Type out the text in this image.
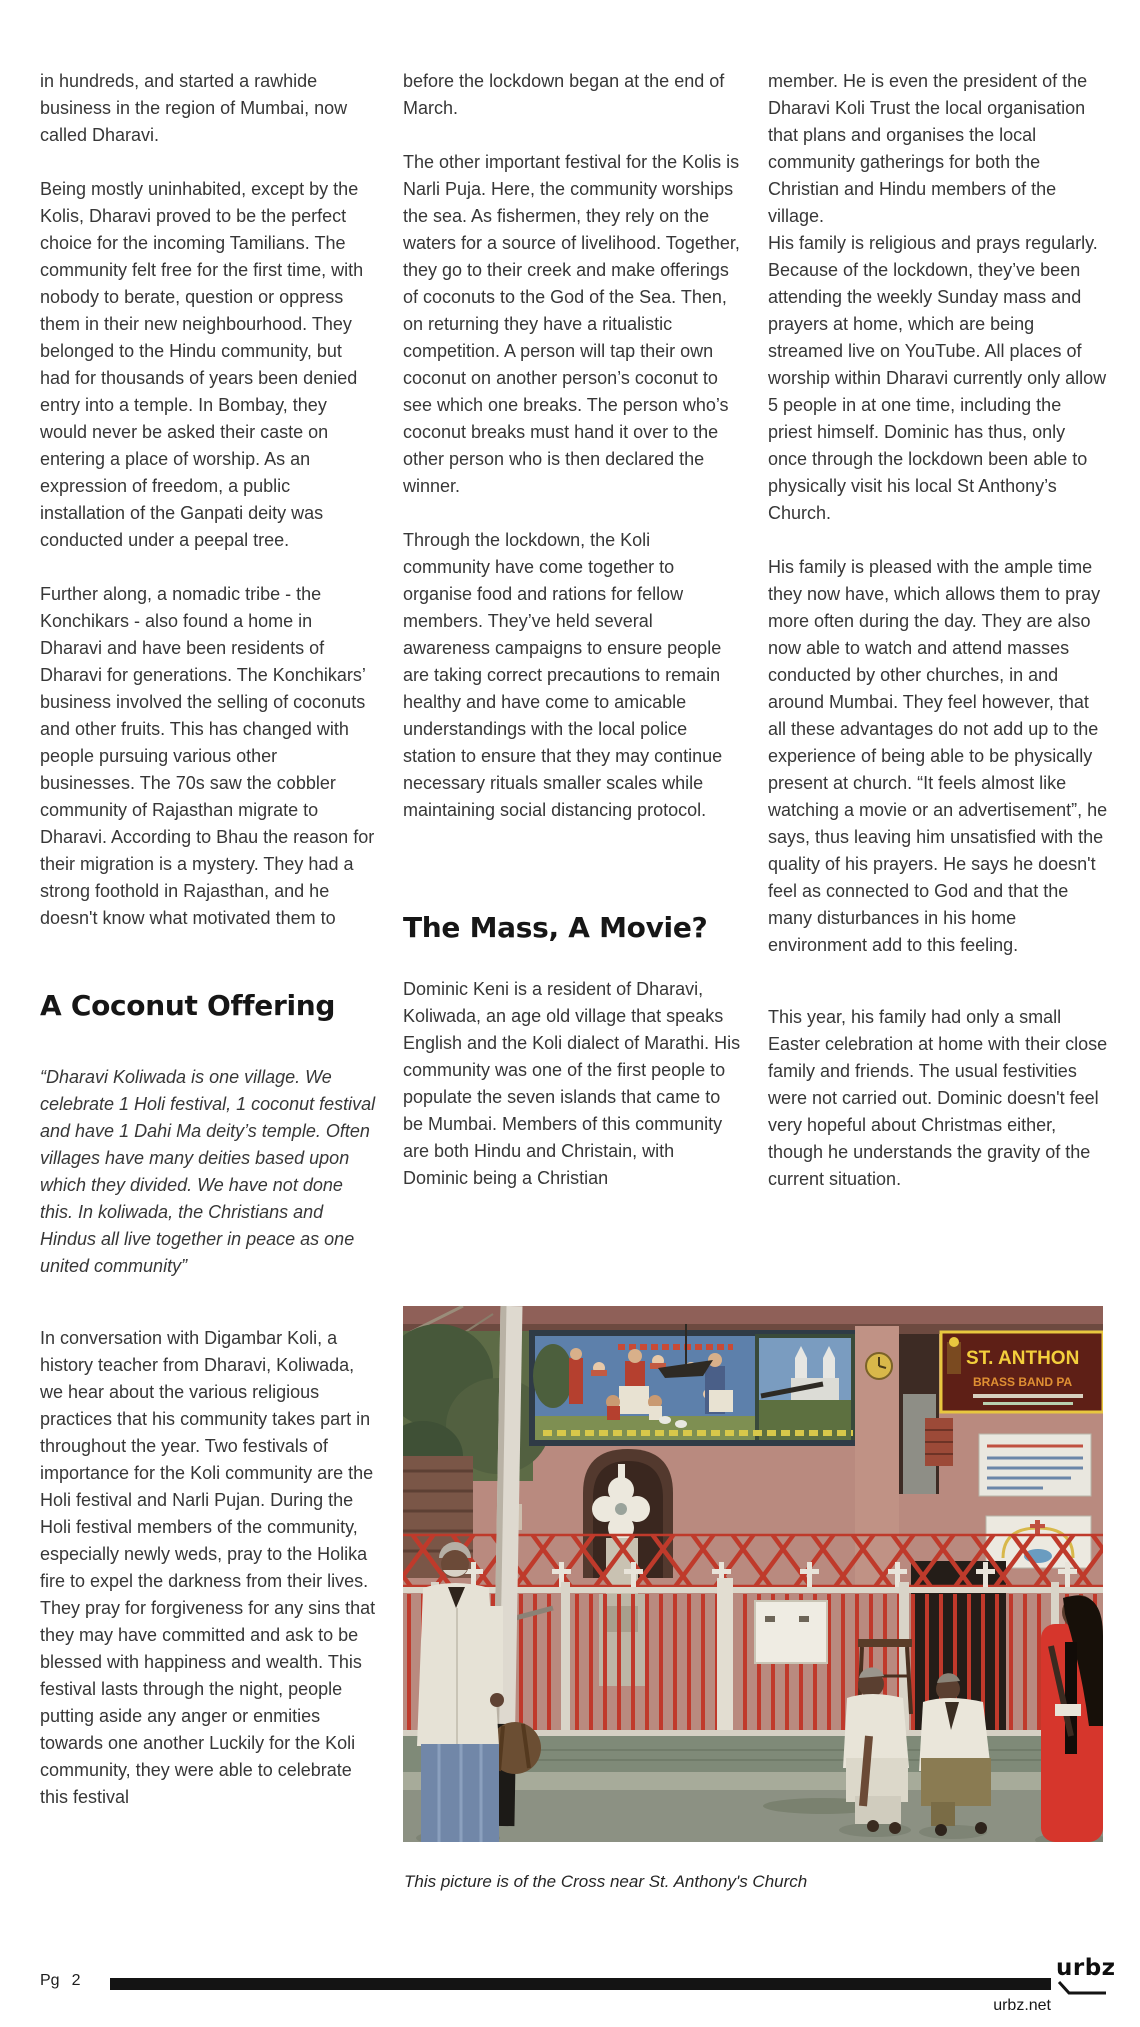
in hundreds, and started a rawhide business in the region of Mumbai, now called Dharavi.

Being mostly uninhabited, except by the Kolis, Dharavi proved to be the perfect choice for the incoming Tamilians. The community felt free for the first time, with nobody to berate, question or oppress them in their new neighbourhood. They belonged to the Hindu community, but had for thousands of years been denied entry into a temple. In Bombay, they would never be asked their caste on entering a place of worship. As an expression of freedom, a public installation of the Ganpati deity was conducted under a peepal tree.

Further along, a nomadic tribe - the Konchikars - also found a home in Dharavi and have been residents of Dharavi for generations. The Konchikars’ business involved the selling of coconuts and other fruits. This has changed with people pursuing various other businesses. The 70s saw the cobbler community of Rajasthan migrate to Dharavi. According to Bhau the reason for their migration is a mystery. They had a strong foothold in Rajasthan, and he doesn't know what motivated them to

A Coconut Offering

“Dharavi Koliwada is one village. We celebrate 1 Holi festival, 1 coconut festival and have 1 Dahi Ma deity’s temple. Often villages have many deities based upon which they divided. We have not done this. In koliwada, the Christians and Hindus all live together in peace as one united community”

In conversation with Digambar Koli, a history teacher from Dharavi, Koliwada, we hear about the various religious practices that his community takes part in throughout the year. Two festivals of importance for the Koli community are the Holi festival and Narli Pujan. During the Holi festival members of the community, especially newly weds, pray to the Holika fire to expel the darkness from their lives. They pray for forgiveness for any sins that they may have committed and ask to be blessed with happiness and wealth. This festival lasts through the night, people putting aside any anger or enmities towards one another Luckily for the Koli community, they were able to celebrate this festival

before the lockdown began at the end of March.

The other important festival for the Kolis is Narli Puja. Here, the community worships the sea. As fishermen, they rely on the waters for a source of livelihood. Together, they go to their creek and make offerings of coconuts to the God of the Sea. Then, on returning they have a ritualistic competition. A person will tap their own coconut on another person’s coconut to see which one breaks. The person who’s coconut breaks must hand it over to the other person who is then declared the winner.

Through the lockdown, the Koli community have come together to organise food and rations for fellow members. They’ve held several awareness campaigns to ensure people are taking correct precautions to remain healthy and have come to amicable understandings with the local police station to ensure that they may continue necessary rituals smaller scales while maintaining social distancing protocol.

The Mass, A Movie?

Dominic Keni is a resident of Dharavi, Koliwada, an age old village that speaks English and the Koli dialect of Marathi. His community was one of the first people to populate the seven islands that came to be Mumbai. Members of this community are both Hindu and Christain, with Dominic being a Christian

member. He is even the president of the Dharavi Koli Trust the local organisation that plans and organises the local community gatherings for both the Christian and Hindu members of the village.

His family is religious and prays regularly. Because of the lockdown, they’ve been attending the weekly Sunday mass and prayers at home, which are being streamed live on YouTube. All places of worship within Dharavi currently only allow 5 people in at one time, including the priest himself. Dominic has thus, only once through the lockdown been able to physically visit his local St Anthony’s Church.

His family is pleased with the ample time they now have, which allows them to pray more often during the day. They are also now able to watch and attend masses conducted by other churches, in and around Mumbai. They feel however, that all these advantages do not add up to the experience of being able to be physically present at church. “It feels almost like watching a movie or an advertisement”, he says, thus leaving him unsatisfied with the quality of his prayers. He says he doesn't feel as connected to God and that the many disturbances in his home environment add to this feeling.

This year, his family had only a small Easter celebration at home with their close family and friends. The usual festivities were not carried out. Dominic doesn't feel very hopeful about Christmas either, though he understands the gravity of the current situation.

ST. ANTHON
BRASS BAND PA
This picture is of the Cross near St. Anthony's Church
Pg 2	urbz
urbz.net
